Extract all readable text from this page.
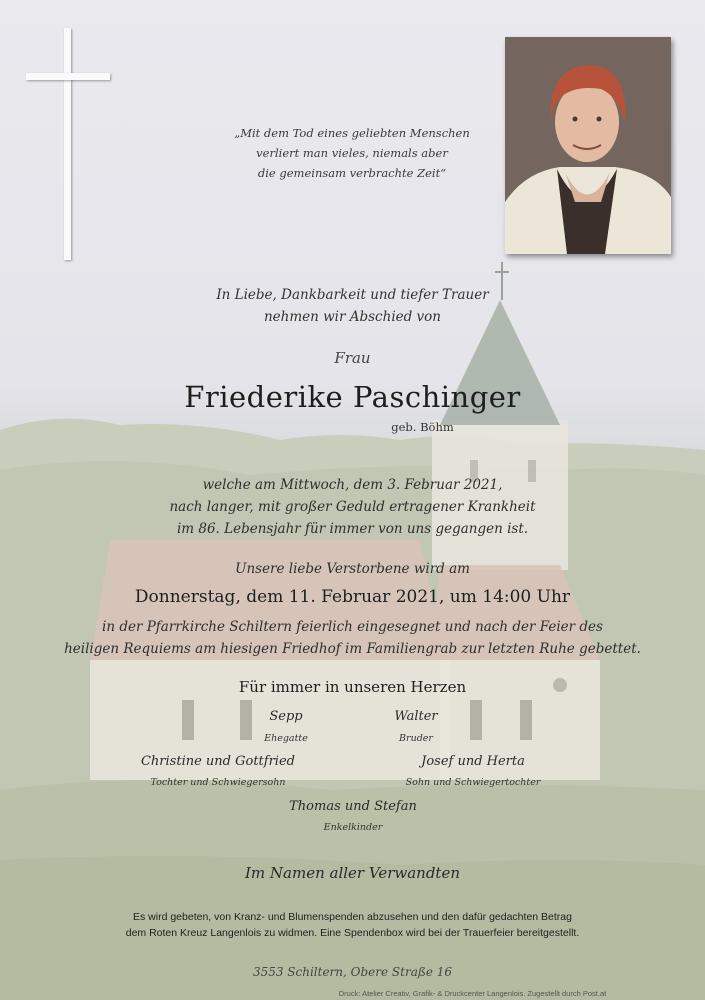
„Mit dem Tod eines geliebten Menschen
verliert man vieles, niemals aber
die gemeinsam verbrachte Zeit“
In Liebe, Dankbarkeit und tiefer Trauer
nehmen wir Abschied von
Frau
Friederike Paschinger
geb. Böhm
welche am Mittwoch, dem 3. Februar 2021,
nach langer, mit großer Geduld ertragener Krankheit
im 86. Lebensjahr für immer von uns gegangen ist.
Unsere liebe Verstorbene wird am
Donnerstag, dem 11. Februar 2021, um 14:00 Uhr
in der Pfarrkirche Schiltern feierlich eingesegnet und nach der Feier des
heiligen Requiems am hiesigen Friedhof im Familiengrab zur letzten Ruhe gebettet.
Für immer in unseren Herzen
Sepp
Ehegatte
Walter
Bruder
Christine und Gottfried
Tochter und Schwiegersohn
Josef und Herta
Sohn und Schwiegertochter
Thomas und Stefan
Enkelkinder
Im Namen aller Verwandten
Es wird gebeten, von Kranz- und Blumenspenden abzusehen und den dafür gedachten Betrag
dem Roten Kreuz Langenlois zu widmen. Eine Spendenbox wird bei der Trauerfeier bereitgestellt.
3553 Schiltern, Obere Straße 16
Druck: Atelier Creativ, Grafik- & Druckcenter Langenlois. Zugestellt durch Post.at
